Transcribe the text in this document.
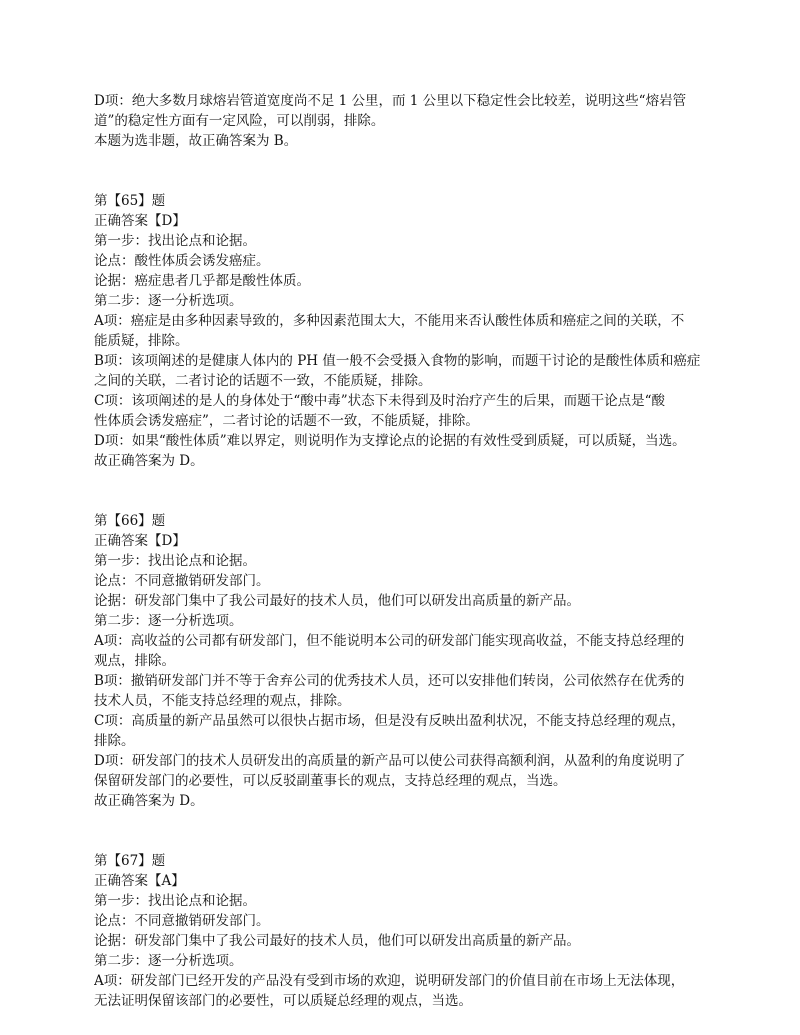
D项：绝大多数月球熔岩管道宽度尚不足 1 公里，而 1 公里以下稳定性会比较差，说明这些“熔岩管
道”的稳定性方面有一定风险，可以削弱，排除。
本题为选非题，故正确答案为 B。
第【65】题
正确答案【D】
第一步：找出论点和论据。
论点：酸性体质会诱发癌症。
论据：癌症患者几乎都是酸性体质。
第二步：逐一分析选项。
A项：癌症是由多种因素导致的，多种因素范围太大，不能用来否认酸性体质和癌症之间的关联，不
能质疑，排除。
B项：该项阐述的是健康人体内的 PH 值一般不会受摄入食物的影响，而题干讨论的是酸性体质和癌症
之间的关联，二者讨论的话题不一致，不能质疑，排除。
C项：该项阐述的是人的身体处于“酸中毒”状态下未得到及时治疗产生的后果，而题干论点是“酸
性体质会诱发癌症”，二者讨论的话题不一致，不能质疑，排除。
D项：如果“酸性体质”难以界定，则说明作为支撑论点的论据的有效性受到质疑，可以质疑，当选。
故正确答案为 D。
第【66】题
正确答案【D】
第一步：找出论点和论据。
论点：不同意撤销研发部门。
论据：研发部门集中了我公司最好的技术人员，他们可以研发出高质量的新产品。
第二步：逐一分析选项。
A项：高收益的公司都有研发部门，但不能说明本公司的研发部门能实现高收益，不能支持总经理的
观点，排除。
B项：撤销研发部门并不等于舍弃公司的优秀技术人员，还可以安排他们转岗，公司依然存在优秀的
技术人员，不能支持总经理的观点，排除。
C项：高质量的新产品虽然可以很快占据市场，但是没有反映出盈利状况，不能支持总经理的观点，
排除。
D项：研发部门的技术人员研发出的高质量的新产品可以使公司获得高额利润，从盈利的角度说明了
保留研发部门的必要性，可以反驳副董事长的观点，支持总经理的观点，当选。
故正确答案为 D。
第【67】题
正确答案【A】
第一步：找出论点和论据。
论点：不同意撤销研发部门。
论据：研发部门集中了我公司最好的技术人员，他们可以研发出高质量的新产品。
第二步：逐一分析选项。
A项：研发部门已经开发的产品没有受到市场的欢迎，说明研发部门的价值目前在市场上无法体现，
无法证明保留该部门的必要性，可以质疑总经理的观点，当选。
